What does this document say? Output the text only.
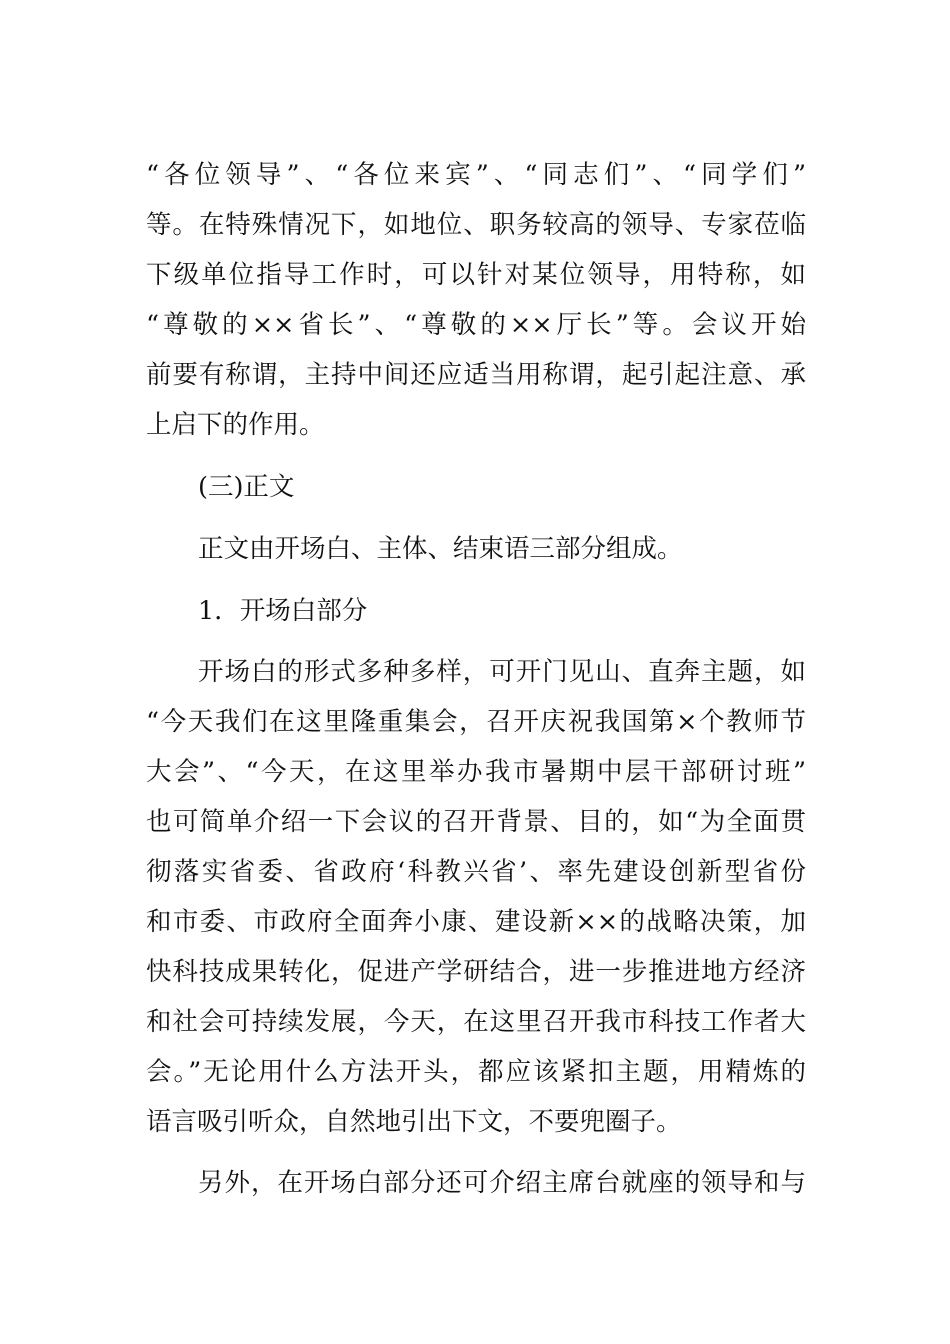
“各位领导”、“各位来宾”、“同志们”、“同学们”
等。在特殊情况下，如地位、职务较高的领导、专家莅临
下级单位指导工作时，可以针对某位领导，用特称，如
“尊敬的××省长”、“尊敬的××厅长”等。会议开始
前要有称谓，主持中间还应适当用称谓，起引起注意、承
上启下的作用。
(三)正文
正文由开场白、主体、结束语三部分组成。
1．开场白部分
开场白的形式多种多样，可开门见山、直奔主题，如
“今天我们在这里隆重集会，召开庆祝我国第×个教师节
大会”、“今天，在这里举办我市暑期中层干部研讨班”
也可简单介绍一下会议的召开背景、目的，如“为全面贯
彻落实省委、省政府‘科教兴省’、率先建设创新型省份
和市委、市政府全面奔小康、建设新××的战略决策，加
快科技成果转化，促进产学研结合，进一步推进地方经济
和社会可持续发展，今天，在这里召开我市科技工作者大
会。”无论用什么方法开头，都应该紧扣主题，用精炼的
语言吸引听众，自然地引出下文，不要兜圈子。
另外，在开场白部分还可介绍主席台就座的领导和与
